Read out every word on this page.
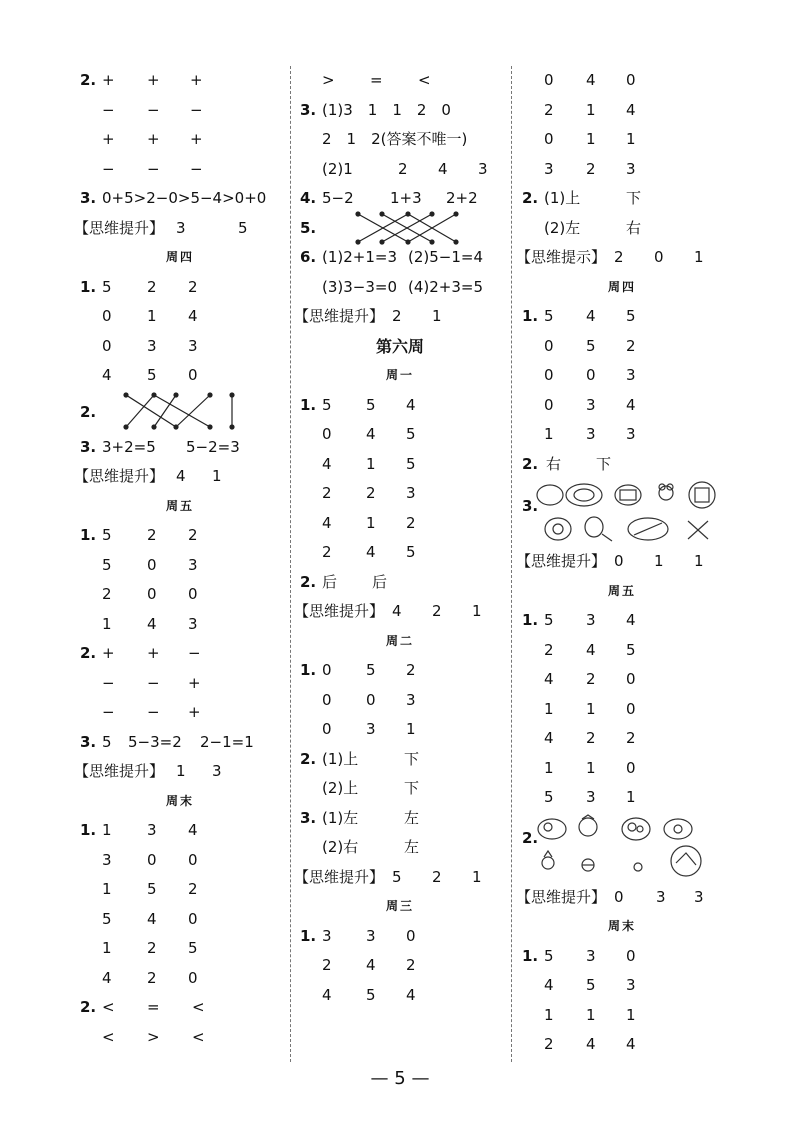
2. + + +
− − −
+ + +
− − −
3. 0+5>2−0>5−4>0+0
【思维提升】 3	5
周四
1. 5 2 2
0 1 4
0 3 3
4 5 0
2.
3. 3+2=5 5−2=3
【思维提升】 4 1
周五
1. 5 2 2
5 0 3
2 0 0
1 4 3
2. + + −
− − +
− − +
3. 5 5−3=2 2−1=1
【思维提升】 1 3
周末
1. 1 3 4
3 0 0
1 5 2
5 4 0
1 2 5
4 2 0
2. < = <
< > <
> = <
3. (1)3　1　1　2　0
2　1　2(答案不唯一)
(2)1	2 4 3
4. 5−2 1+3 2+2
5.
6. (1)2+1=3 (2)5−1=4
(3)3−3=0 (4)2+3=5
【思维提升】 2 1
第六周
周一
1. 5 5 4
0 4 5
4 1 5
2 2 3
4 1 2
2 4 5
2. 后 后
【思维提升】 4 2 1
周二
1. 0 5 2
0 0 3
0 3 1
2. (1)上	下
(2)上	下
3. (1)左	左
(2)右	左
【思维提升】 5 2 1
周三
1. 3 3 0
2 4 2
4 5 4
0 4 0
2 1 4
0 1 1
3 2 3
2. (1)上	下
(2)左	右
【思维提示】 2 0 1
周四
1. 5 4 5
0 5 2
0 0 3
0 3 4
1 3 3
2. 右 下
3.
【思维提升】 0 1 1
周五
1. 5 3 4
2 4 5
4 2 0
1 1 0
4 2 2
1 1 0
5 3 1
2.
【思维提升】 0 3 3
周末
1. 5 3 0
4 5 3
1 1 1
2 4 4
— 5 —
